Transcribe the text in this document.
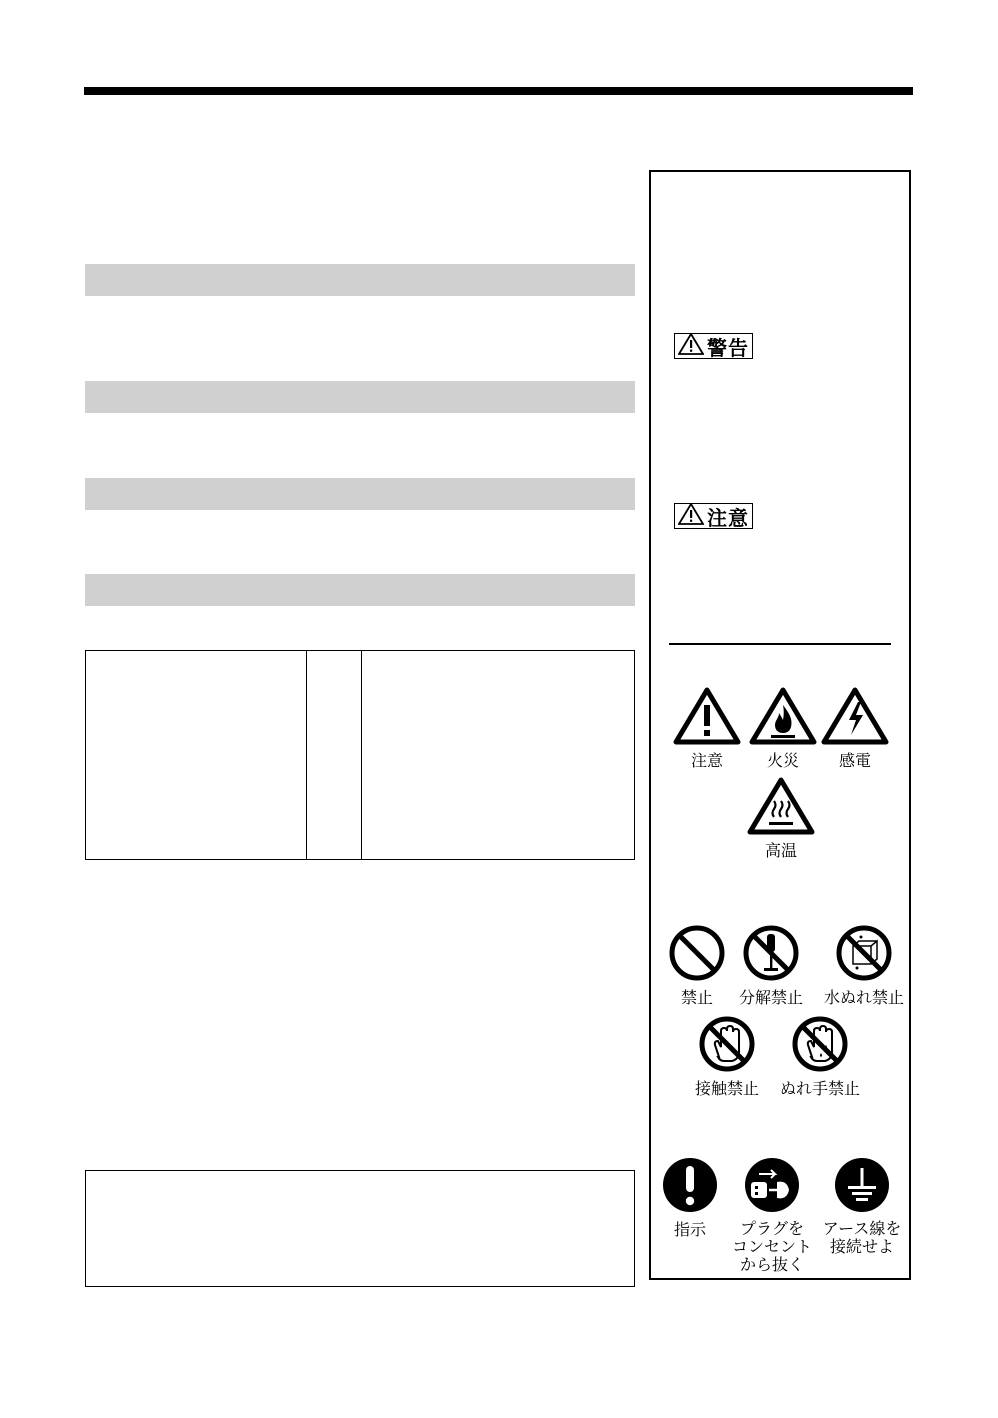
警告
注意
注意	火災 感電
高温
禁止 分解禁止 水ぬれ禁止
接触禁止 ぬれ手禁止
指示	プラグを
コンセント
から抜く
アース線を
接続せよ
